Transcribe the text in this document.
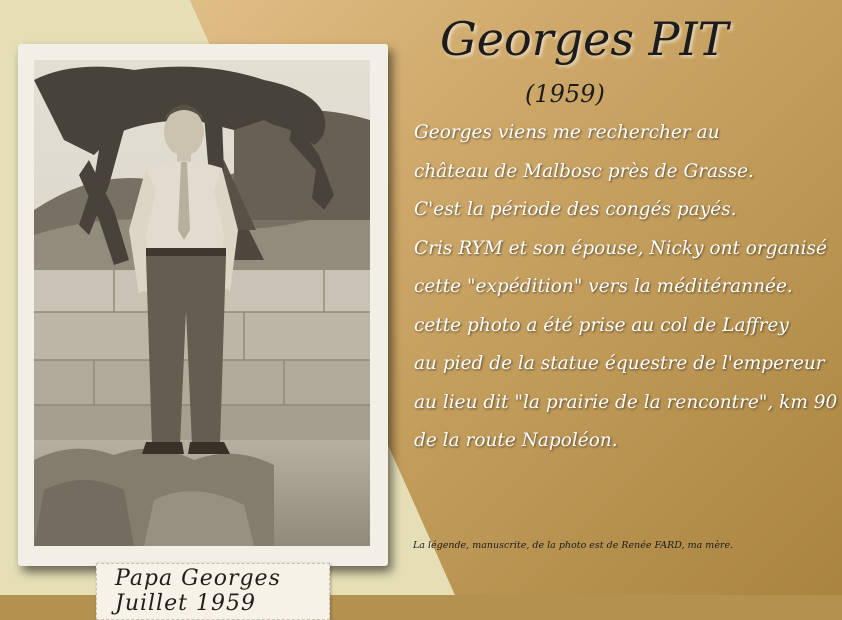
Papa Georges
Juillet 1959
Georges PIT
(1959)
Georges viens me rechercher au
château de Malbosc près de Grasse.
C'est la période des congés payés.
Cris RYM et son épouse, Nicky ont organisé
cette "expédition" vers la méditérannée.
cette photo a été prise au col de Laffrey
au pied de la statue équestre de l'empereur
au lieu dit "la prairie de la rencontre", km 90
de la route Napoléon.
La légende, manuscrite, de la photo est de Renée FARD, ma mère.
